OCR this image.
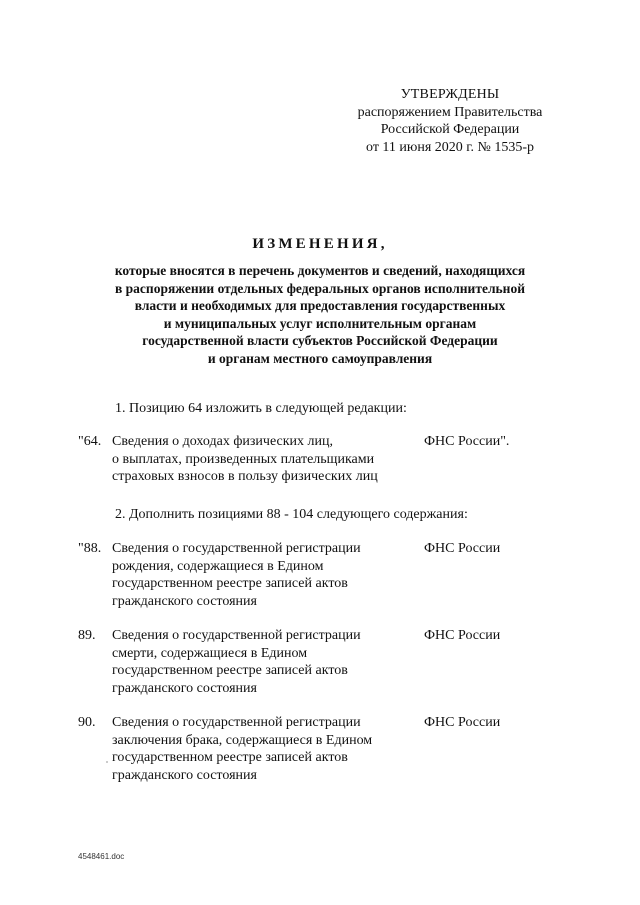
УТВЕРЖДЕНЫ
распоряжением Правительства
Российской Федерации
от 11 июня 2020 г. № 1535-р
ИЗМЕНЕНИЯ,
которые вносятся в перечень документов и сведений, находящихся
в распоряжении отдельных федеральных органов исполнительной
власти и необходимых для предоставления государственных
и муниципальных услуг исполнительным органам
государственной власти субъектов Российской Федерации
и органам местного самоуправления
1. Позицию 64 изложить в следующей редакции:
"64. Сведения о доходах физических лиц,
о выплатах, произведенных плательщиками
страховых взносов в пользу физических лиц
ФНС России".
2. Дополнить позициями 88 - 104 следующего содержания:
"88. Сведения о государственной регистрации
рождения, содержащиеся в Едином
государственном реестре записей актов
гражданского состояния
ФНС России
89. Сведения о государственной регистрации
смерти, содержащиеся в Едином
государственном реестре записей актов
гражданского состояния
ФНС России
90. Сведения о государственной регистрации
заключения брака, содержащиеся в Едином
государственном реестре записей актов
гражданского состояния
ФНС России
4548461.doc
